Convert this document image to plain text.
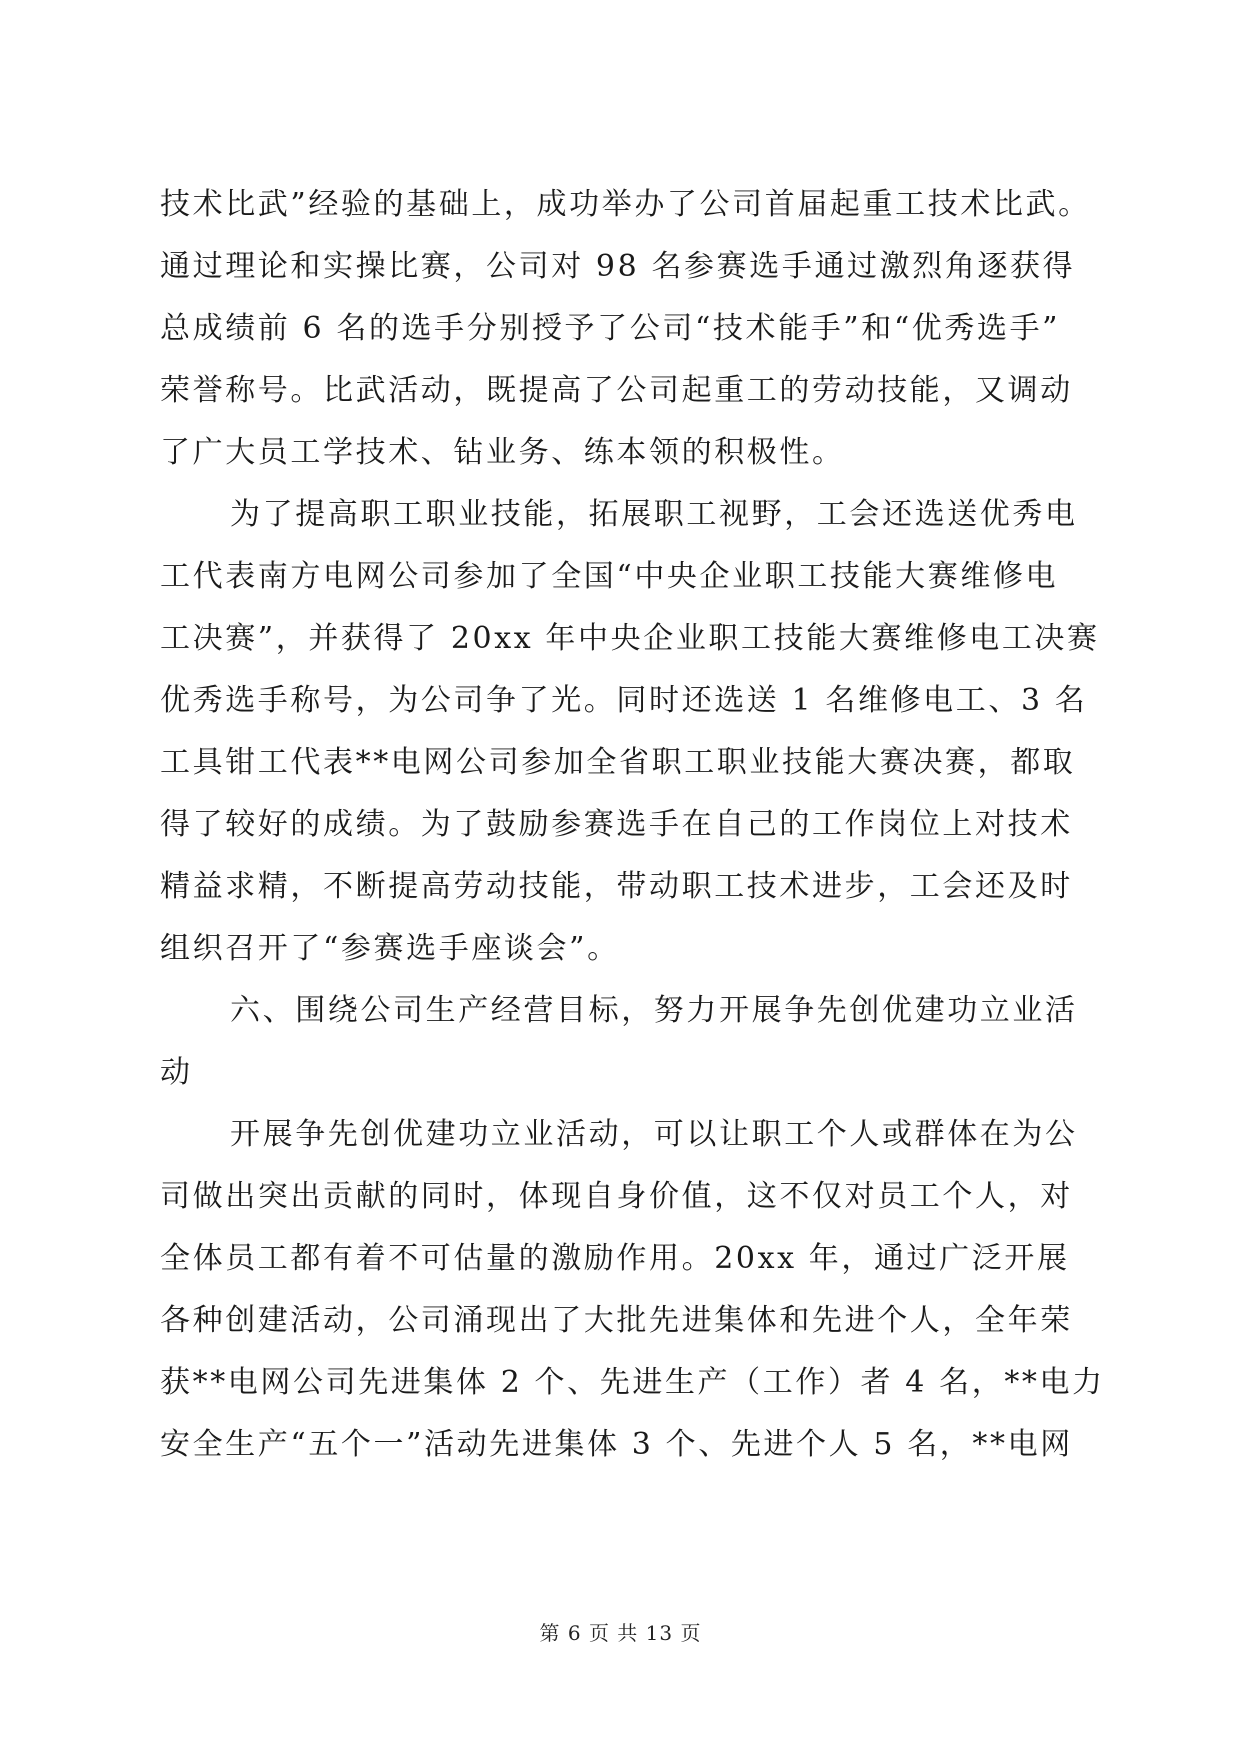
技术比武”经验的基础上，成功举办了公司首届起重工技术比武。
通过理论和实操比赛，公司对 98 名参赛选手通过激烈角逐获得
总成绩前 6 名的选手分别授予了公司“技术能手”和“优秀选手”
荣誉称号。比武活动，既提高了公司起重工的劳动技能，又调动
了广大员工学技术、钻业务、练本领的积极性。
为了提高职工职业技能，拓展职工视野，工会还选送优秀电
工代表南方电网公司参加了全国“中央企业职工技能大赛维修电
工决赛”，并获得了 20xx 年中央企业职工技能大赛维修电工决赛
优秀选手称号，为公司争了光。同时还选送 1 名维修电工、3 名
工具钳工代表**电网公司参加全省职工职业技能大赛决赛，都取
得了较好的成绩。为了鼓励参赛选手在自己的工作岗位上对技术
精益求精，不断提高劳动技能，带动职工技术进步，工会还及时
组织召开了“参赛选手座谈会”。
六、围绕公司生产经营目标，努力开展争先创优建功立业活
动
开展争先创优建功立业活动，可以让职工个人或群体在为公
司做出突出贡献的同时，体现自身价值，这不仅对员工个人，对
全体员工都有着不可估量的激励作用。20xx 年，通过广泛开展
各种创建活动，公司涌现出了大批先进集体和先进个人，全年荣
获**电网公司先进集体 2 个、先进生产（工作）者 4 名，**电力
安全生产“五个一”活动先进集体 3 个、先进个人 5 名，**电网
第 6 页 共 13 页
